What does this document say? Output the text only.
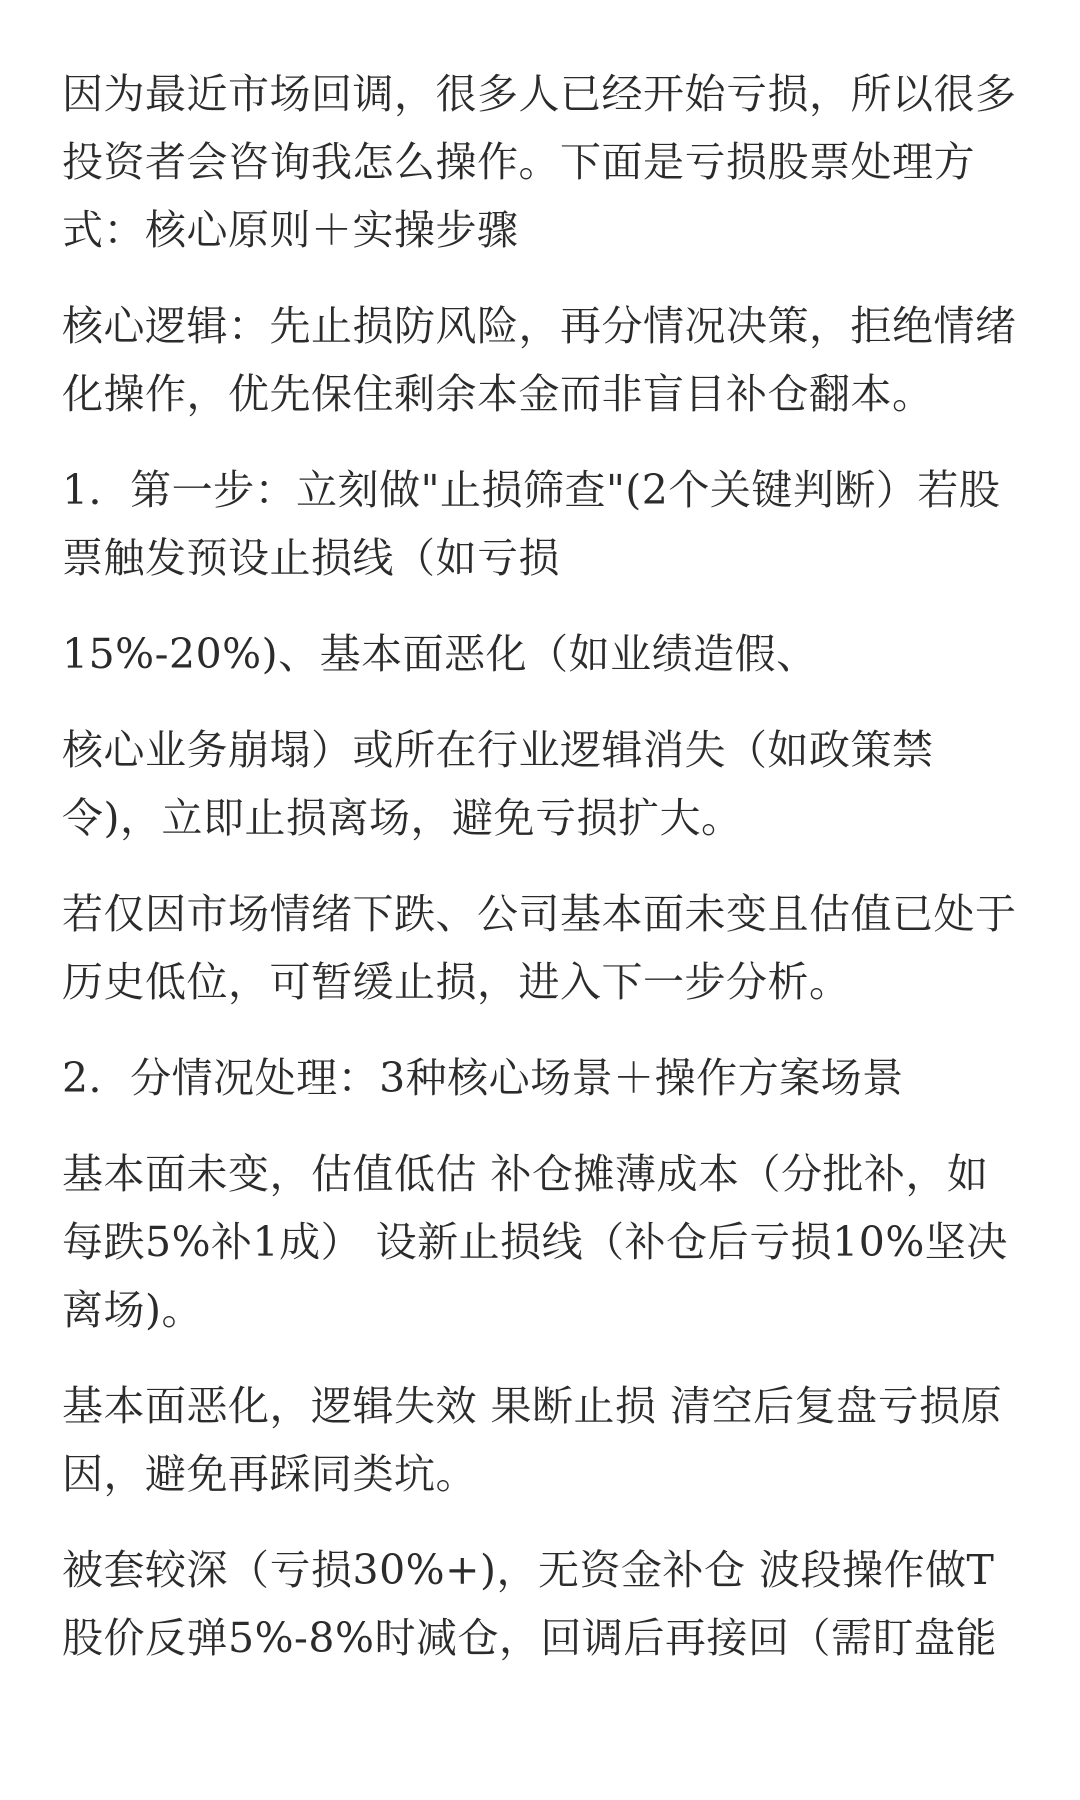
因为最近市场回调，很多人已经开始亏损，所以很多投资者会咨询我怎么操作。下面是亏损股票处理方式：核心原则＋实操步骤

核心逻辑：先止损防风险，再分情况决策，拒绝情绪化操作，优先保住剩余本金而非盲目补仓翻本。

1．第一步：立刻做"止损筛查"(2个关键判断）若股票触发预设止损线（如亏损

15%-20%)、基本面恶化（如业绩造假、

核心业务崩塌）或所在行业逻辑消失（如政策禁令)，立即止损离场，避免亏损扩大。

若仅因市场情绪下跌、公司基本面未变且估值已处于历史低位，可暂缓止损，进入下一步分析。

2．分情况处理：3种核心场景＋操作方案场景

基本面未变，估值低估 补仓摊薄成本（分批补，如每跌5%补1成） 设新止损线（补仓后亏损10%坚决离场)。

基本面恶化，逻辑失效 果断止损 清空后复盘亏损原因，避免再踩同类坑。

被套较深（亏损30%+)，无资金补仓 波段操作做T 股价反弹5%-8%时减仓，回调后再接回（需盯盘能
